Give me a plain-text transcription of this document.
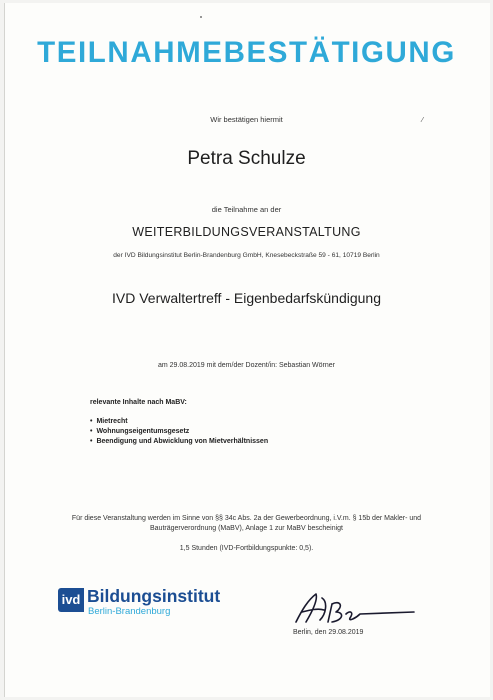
TEILNAHMEBESTÄTIGUNG
Wir bestätigen hiermit	⁄
Petra Schulze
die Teilnahme an der
WEITERBILDUNGSVERANSTALTUNG
der IVD Bildungsinstitut Berlin-Brandenburg GmbH, Knesebeckstraße 59 - 61, 10719 Berlin
IVD Verwaltertreff - Eigenbedarfskündigung
am 29.08.2019 mit dem/der Dozent/in: Sebastian Wörner
relevante Inhalte nach MaBV:
• Mietrecht
• Wohnungseigentumsgesetz
• Beendigung und Abwicklung von Mietverhältnissen
Für diese Veranstaltung werden im Sinne von §§ 34c Abs. 2a der Gewerbeordnung, i.V.m. § 15b der Makler- und
Bauträgerverordnung (MaBV), Anlage 1 zur MaBV bescheinigt
1,5 Stunden (IVD-Fortbildungspunkte: 0,5).
ivd Bildungsinstitut
Berlin-Brandenburg
Berlin, den 29.08.2019
